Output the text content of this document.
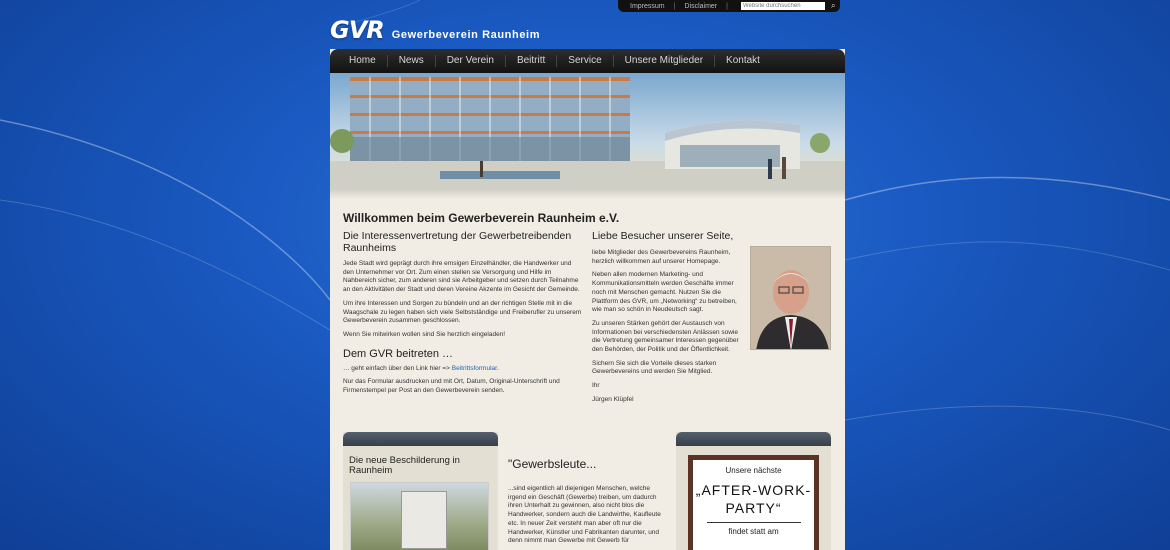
Impressum | Disclaimer |
Website durchsuchen	⌕
GVR Gewerbeverein Raunheim
Home	News	Der Verein	Beitritt	Service	Unsere Mitglieder	Kontakt
Willkommen beim Gewerbeverein Raunheim e.V.
Die Interessenvertretung der Gewerbetreibenden Raunheims

Jede Stadt wird geprägt durch ihre emsigen Einzelhändler, die Handwerker und den Unternehmer vor Ort. Zum einen stellen sie Versorgung und Hilfe im Nahbereich sicher, zum anderen sind sie Arbeitgeber und setzen durch Teilnahme an den Aktivitäten der Stadt und deren Vereine Akzente im Gesicht der Gemeinde.

Um ihre Interessen und Sorgen zu bündeln und an der richtigen Stelle mit in die Waagschale zu legen haben sich viele Selbstständige und Freiberufler zu unserem Gewerbeverein zusammen geschlossen.

Wenn Sie mitwirken wollen sind Sie herzlich eingeladen!

Dem GVR beitreten …

… geht einfach über den Link hier => Beitrittsformular.

Nur das Formular ausdrucken und mit Ort, Datum, Original-Unterschrift und Firmenstempel per Post an den Gewerbeverein senden.

Liebe Besucher unserer Seite,

liebe Mitglieder des Gewerbevereins Raunheim, herzlich willkommen auf unserer Homepage.

Neben allen modernen Marketing- und Kommunikationsmitteln werden Geschäfte immer noch mit Menschen gemacht. Nutzen Sie die Plattform des GVR, um „Networking“ zu betreiben, wie man so schön in Neudeutsch sagt.

Zu unseren Stärken gehört der Austausch von Informationen bei verschiedensten Anlässen sowie die Vertretung gemeinsamer Interessen gegenüber den Behörden, der Politik und der Öffentlichkeit.

Sichern Sie sich die Vorteile dieses starken Gewerbevereins und werden Sie Mitglied.

Ihr

Jürgen Klüpfel

Die neue Beschilderung in Raunheim	"Gewerbsleute...

...sind eigentlich all diejenigen Menschen, welche irgend ein Geschäft (Gewerbe) treiben, um dadurch ihren Unterhalt zu gewinnen, also nicht blos die Handwerker, sondern auch die Landwirthe, Kaufleute etc. In neuer Zeit versteht man aber oft nur die Handwerker, Künstler und Fabrikanten darunter, und denn nimmt man Gewerbe mit Gewerb für

Unsere nächste
„AFTER-WORK-PARTY“
findet statt am
